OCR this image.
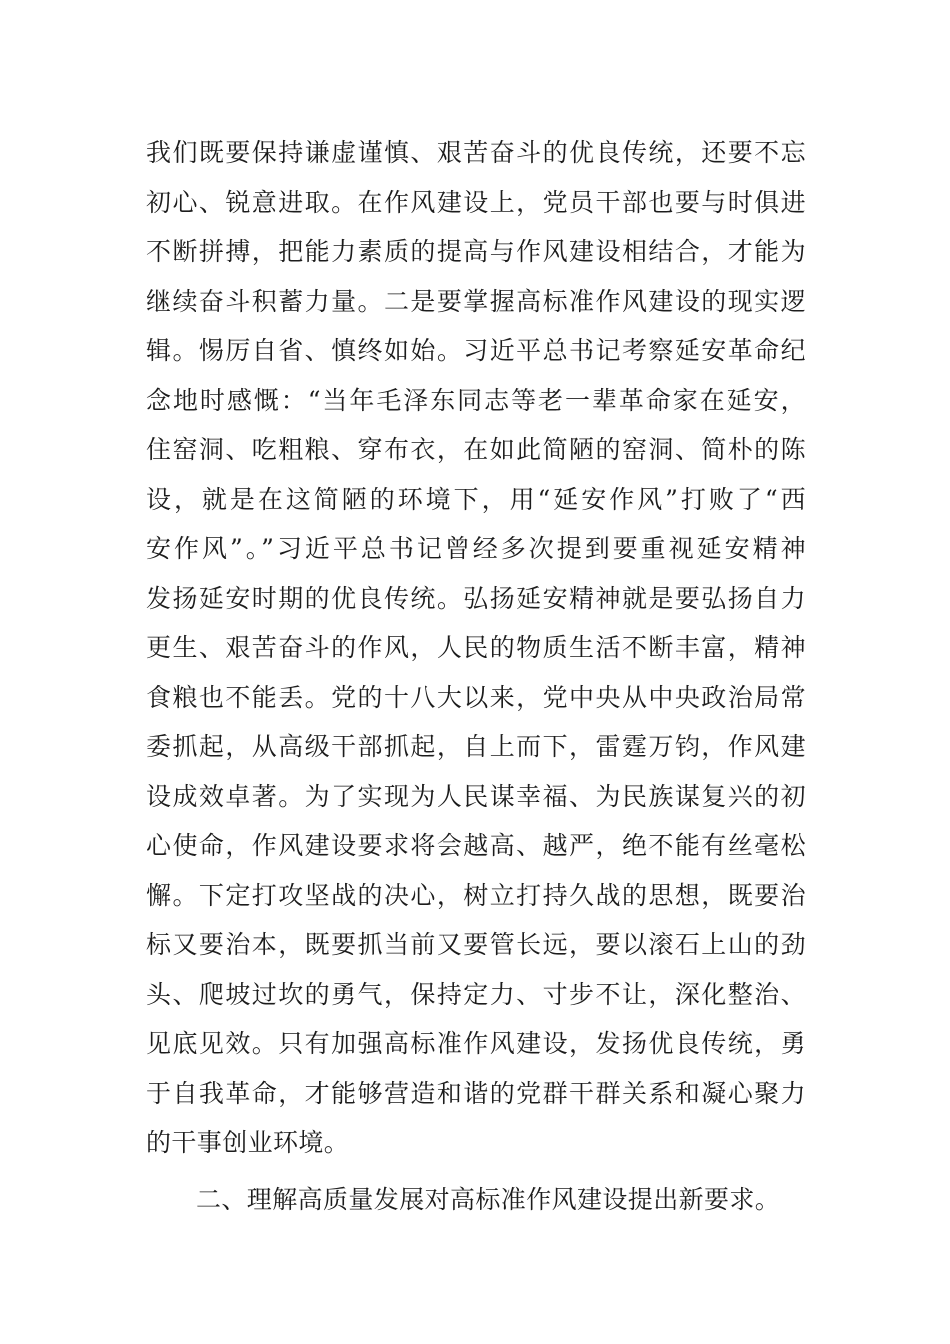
我们既要保持谦虚谨慎、艰苦奋斗的优良传统，还要不忘
初心、锐意进取。在作风建设上，党员干部也要与时俱进
不断拼搏，把能力素质的提高与作风建设相结合，才能为
继续奋斗积蓄力量。二是要掌握高标准作风建设的现实逻
辑。惕厉自省、慎终如始。习近平总书记考察延安革命纪
念地时感慨：“当年毛泽东同志等老一辈革命家在延安，
住窑洞、吃粗粮、穿布衣，在如此简陋的窑洞、简朴的陈
设，就是在这简陋的环境下，用“延安作风”打败了“西
安作风”。”习近平总书记曾经多次提到要重视延安精神
发扬延安时期的优良传统。弘扬延安精神就是要弘扬自力
更生、艰苦奋斗的作风，人民的物质生活不断丰富，精神
食粮也不能丢。党的十八大以来，党中央从中央政治局常
委抓起，从高级干部抓起，自上而下，雷霆万钧，作风建
设成效卓著。为了实现为人民谋幸福、为民族谋复兴的初
心使命，作风建设要求将会越高、越严，绝不能有丝毫松
懈。下定打攻坚战的决心，树立打持久战的思想，既要治
标又要治本，既要抓当前又要管长远，要以滚石上山的劲
头、爬坡过坎的勇气，保持定力、寸步不让，深化整治、
见底见效。只有加强高标准作风建设，发扬优良传统，勇
于自我革命，才能够营造和谐的党群干群关系和凝心聚力
的干事创业环境。
二、理解高质量发展对高标准作风建设提出新要求。
